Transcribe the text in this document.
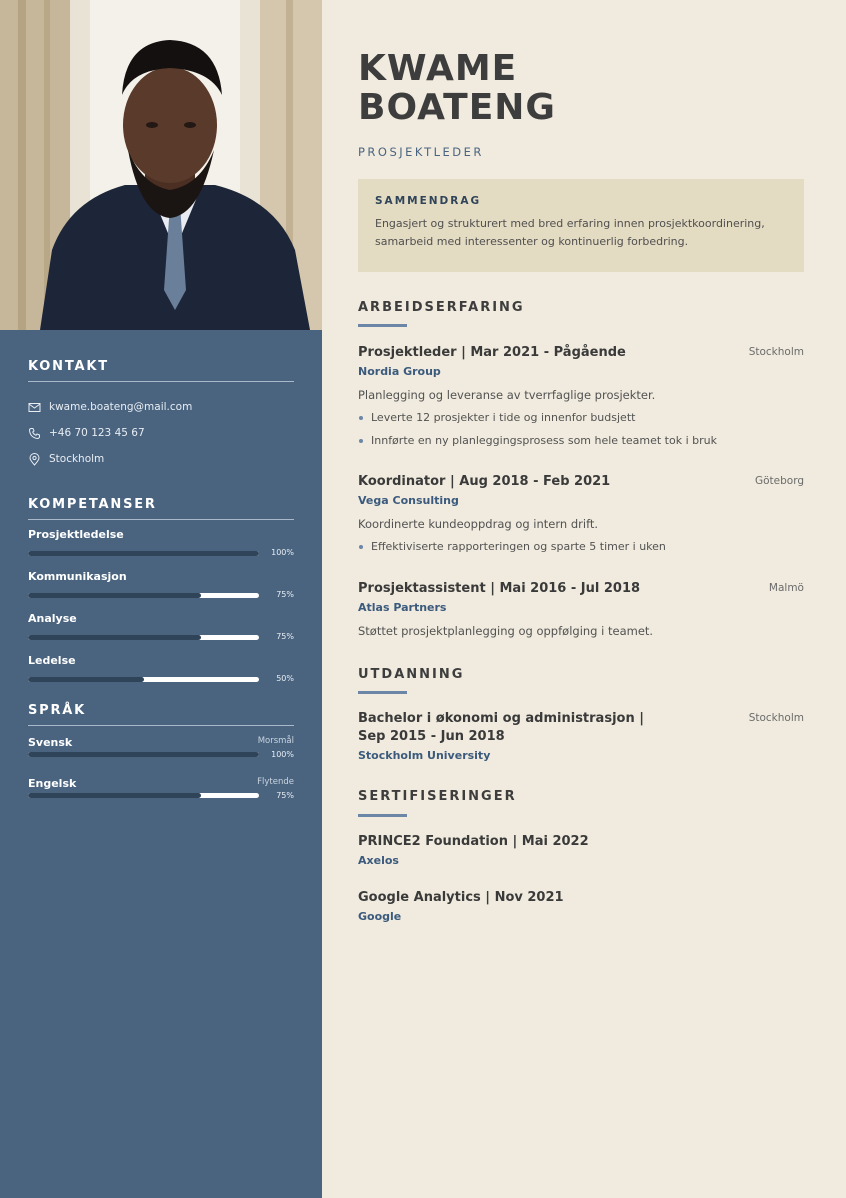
KONTAKT
kwame.boateng@mail.com
+46 70 123 45 67
Stockholm
KOMPETANSER
Prosjektledelse
100%
Kommunikasjon
75%
Analyse
75%
Ledelse
50%
SPRÅK
Svensk	Morsmål
100%
Engelsk	Flytende
75%
KWAME
BOATENG
PROSJEKTLEDER
SAMMENDRAG

Engasjert og strukturert med bred erfaring innen prosjektkoordinering, samarbeid med interessenter og kontinuerlig forbedring.

ARBEIDSERFARING
Prosjektleder | Mar 2021 - Pågående	Stockholm
Nordia Group

Planlegging og leveranse av tverrfaglige prosjekter.

Leverte 12 prosjekter i tide og innenfor budsjett
Innførte en ny planleggingsprosess som hele teamet tok i bruk
Koordinator | Aug 2018 - Feb 2021	Göteborg
Vega Consulting

Koordinerte kundeoppdrag og intern drift.

Effektiviserte rapporteringen og sparte 5 timer i uken
Prosjektassistent | Mai 2016 - Jul 2018	Malmö
Atlas Partners

Støttet prosjektplanlegging og oppfølging i teamet.

UTDANNING
Bachelor i økonomi og administrasjon |
Sep 2015 - Jun 2018
Stockholm
Stockholm University
SERTIFISERINGER
PRINCE2 Foundation | Mai 2022
Axelos
Google Analytics | Nov 2021
Google
